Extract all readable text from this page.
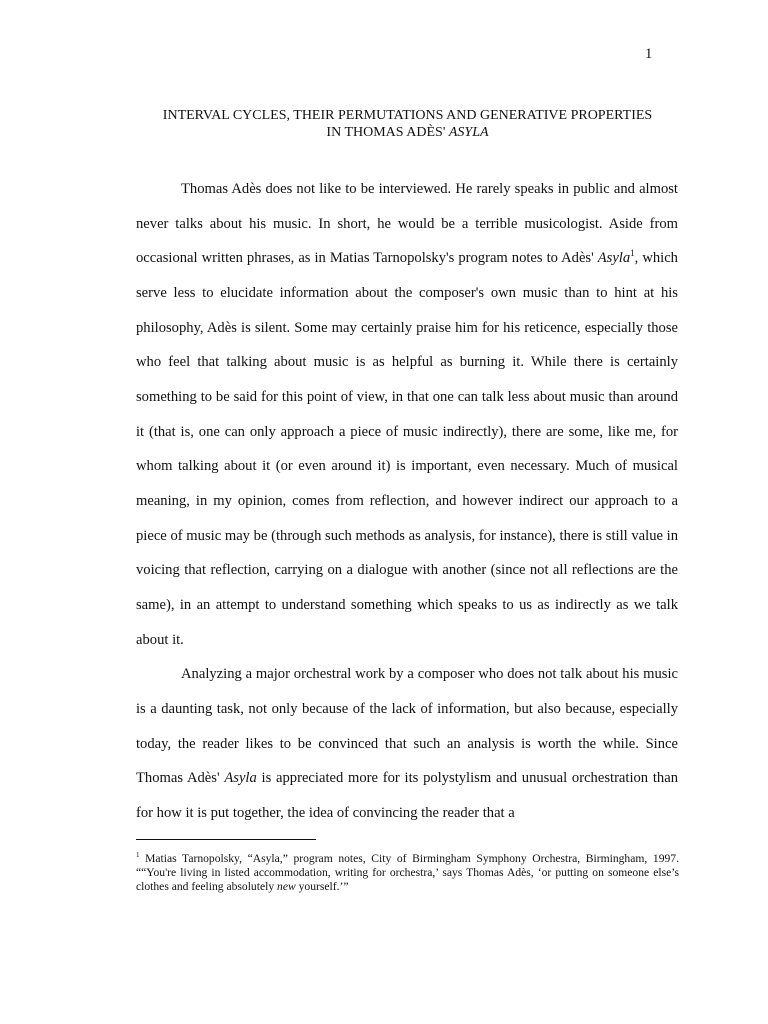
1
INTERVAL CYCLES, THEIR PERMUTATIONS AND GENERATIVE PROPERTIES
IN THOMAS ADÈS' ASYLA

Thomas Adès does not like to be interviewed. He rarely speaks in public and almost never talks about his music. In short, he would be a terrible musicologist. Aside from occasional written phrases, as in Matias Tarnopolsky's program notes to Adès' Asyla$^1$, which serve less to elucidate information about the composer's own music than to hint at his philosophy, Adès is silent. Some may certainly praise him for his reticence, especially those who feel that talking about music is as helpful as burning it. While there is certainly something to be said for this point of view, in that one can talk less about music than around it (that is, one can only approach a piece of music indirectly), there are some, like me, for whom talking about it (or even around it) is important, even necessary. Much of musical meaning, in my opinion, comes from reflection, and however indirect our approach to a piece of music may be (through such methods as analysis, for instance), there is still value in voicing that reflection, carrying on a dialogue with another (since not all reflections are the same), in an attempt to understand something which speaks to us as indirectly as we talk about it.

Analyzing a major orchestral work by a composer who does not talk about his music is a daunting task, not only because of the lack of information, but also because, especially today, the reader likes to be convinced that such an analysis is worth the while. Since Thomas Adès' Asyla is appreciated more for its polystylism and unusual orchestration than for how it is put together, the idea of convincing the reader that a

$^1$ Matias Tarnopolsky, “Asyla,” program notes, City of Birmingham Symphony Orchestra, Birmingham, 1997. ““You're living in listed accommodation, writing for orchestra,’ says Thomas Adès, ‘or putting on someone else’s clothes and feeling absolutely new yourself.’”
